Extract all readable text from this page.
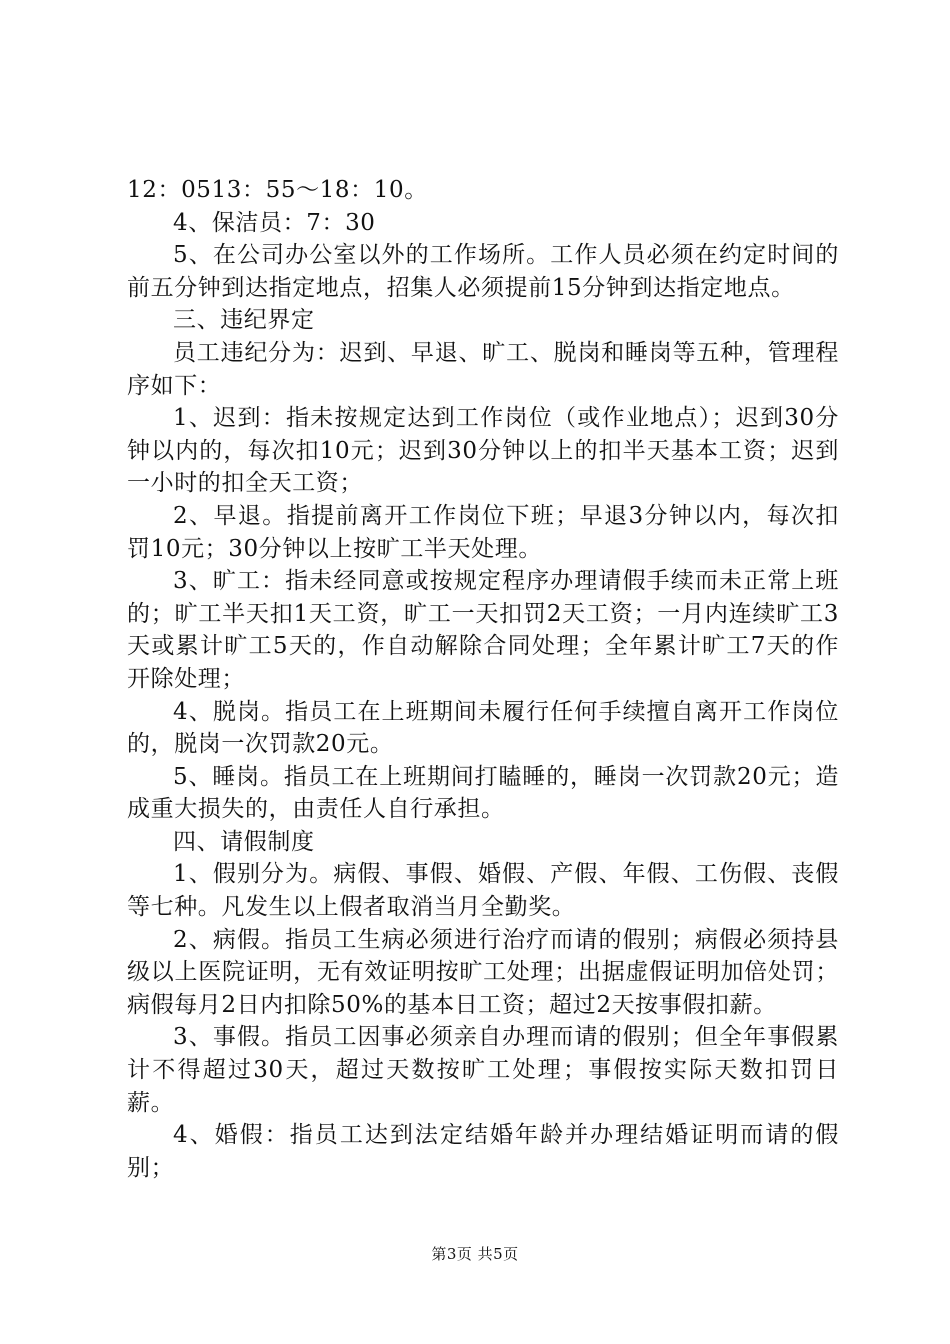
12：0513：55～18：10。

4、保洁员：7：30

5、在公司办公室以外的工作场所。工作人员必须在约定时间的前五分钟到达指定地点，招集人必须提前15分钟到达指定地点。

三、违纪界定

员工违纪分为：迟到、早退、旷工、脱岗和睡岗等五种，管理程序如下：

1、迟到：指未按规定达到工作岗位（或作业地点）；迟到30分钟以内的，每次扣10元；迟到30分钟以上的扣半天基本工资；迟到一小时的扣全天工资；

2、早退。指提前离开工作岗位下班；早退3分钟以内，每次扣罚10元；30分钟以上按旷工半天处理。

3、旷工：指未经同意或按规定程序办理请假手续而未正常上班的；旷工半天扣1天工资，旷工一天扣罚2天工资；一月内连续旷工3天或累计旷工5天的，作自动解除合同处理；全年累计旷工7天的作开除处理；

4、脱岗。指员工在上班期间未履行任何手续擅自离开工作岗位的，脱岗一次罚款20元。

5、睡岗。指员工在上班期间打瞌睡的，睡岗一次罚款20元；造成重大损失的，由责任人自行承担。

四、请假制度

1、假别分为。病假、事假、婚假、产假、年假、工伤假、丧假等七种。凡发生以上假者取消当月全勤奖。

2、病假。指员工生病必须进行治疗而请的假别；病假必须持县级以上医院证明，无有效证明按旷工处理；出据虚假证明加倍处罚；病假每月2日内扣除50%的基本日工资；超过2天按事假扣薪。

3、事假。指员工因事必须亲自办理而请的假别；但全年事假累计不得超过30天，超过天数按旷工处理；事假按实际天数扣罚日薪。

4、婚假：指员工达到法定结婚年龄并办理结婚证明而请的假别；

第3页 共5页
